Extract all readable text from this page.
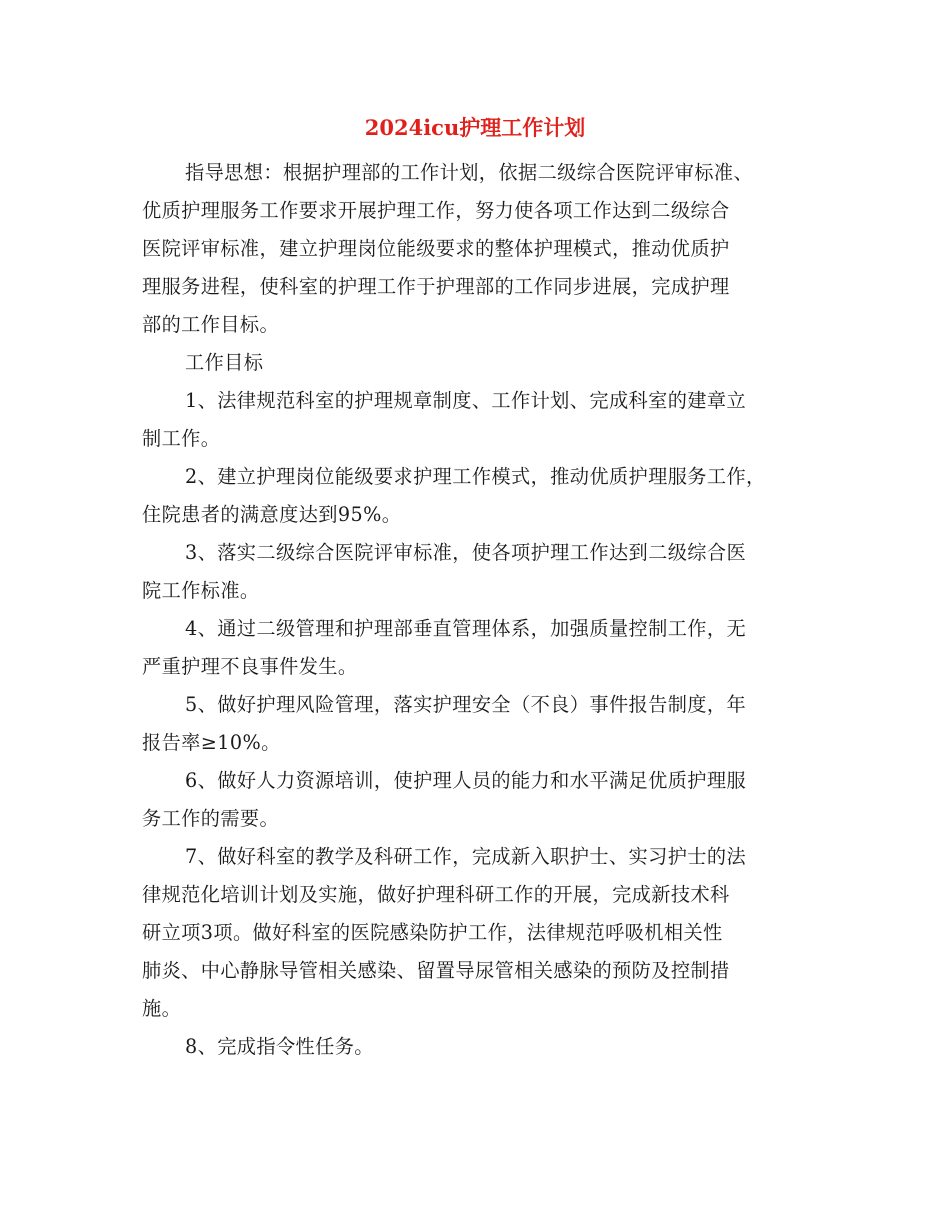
2024icu护理工作计划
指导思想：根据护理部的工作计划，依据二级综合医院评审标准、
优质护理服务工作要求开展护理工作，努力使各项工作达到二级综合
医院评审标准，建立护理岗位能级要求的整体护理模式，推动优质护
理服务进程，使科室的护理工作于护理部的工作同步进展，完成护理
部的工作目标。
工作目标
1、法律规范科室的护理规章制度、工作计划、完成科室的建章立
制工作。
2、建立护理岗位能级要求护理工作模式，推动优质护理服务工作，
住院患者的满意度达到95%。
3、落实二级综合医院评审标准，使各项护理工作达到二级综合医
院工作标准。
4、通过二级管理和护理部垂直管理体系，加强质量控制工作，无
严重护理不良事件发生。
5、做好护理风险管理，落实护理安全（不良）事件报告制度，年
报告率≥10%。
6、做好人力资源培训，使护理人员的能力和水平满足优质护理服
务工作的需要。
7、做好科室的教学及科研工作，完成新入职护士、实习护士的法
律规范化培训计划及实施，做好护理科研工作的开展，完成新技术科
研立项3项。做好科室的医院感染防护工作，法律规范呼吸机相关性
肺炎、中心静脉导管相关感染、留置导尿管相关感染的预防及控制措
施。
8、完成指令性任务。
